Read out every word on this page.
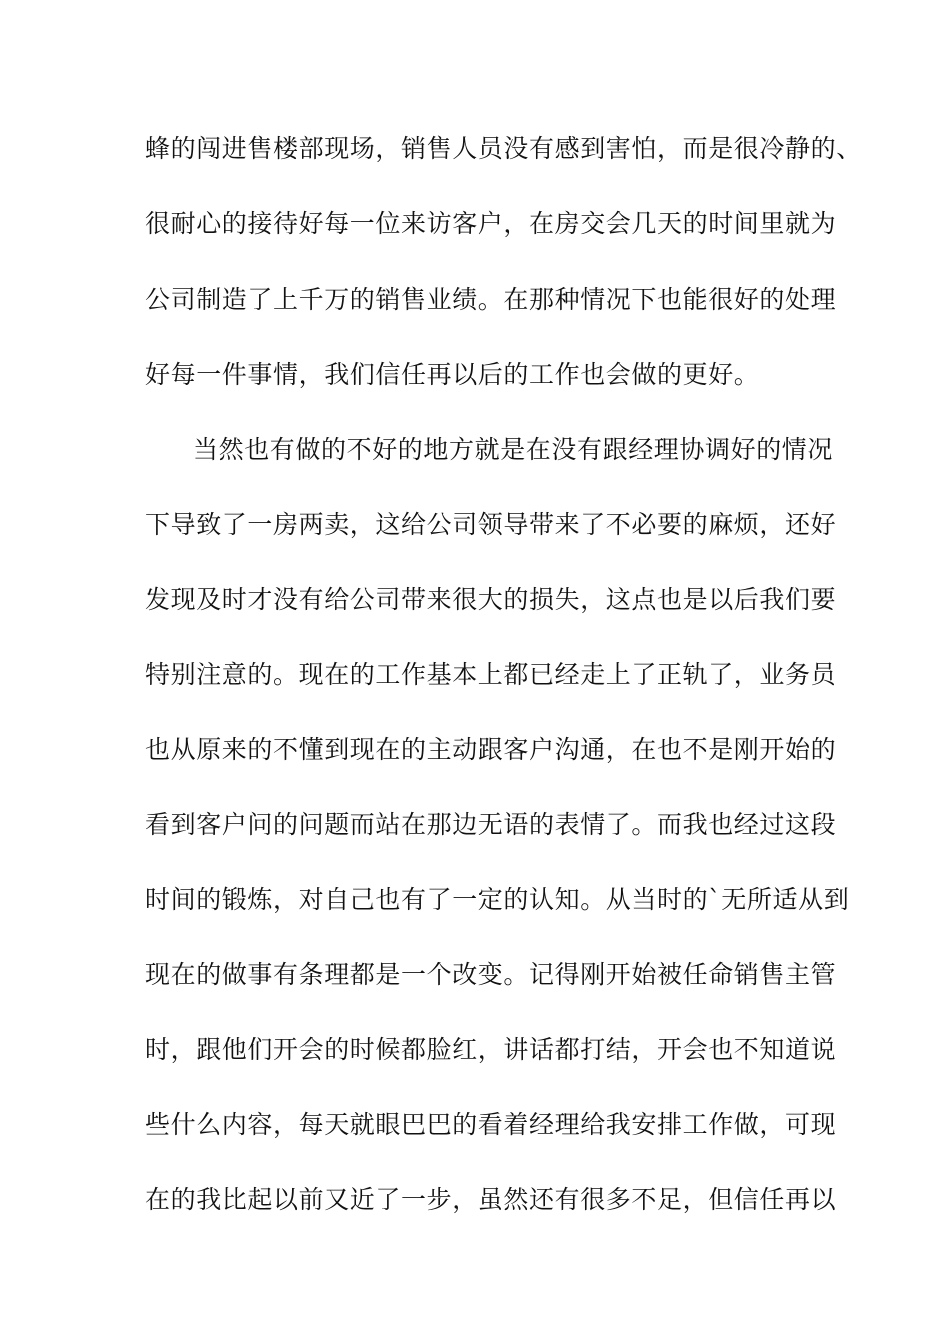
蜂的闯进售楼部现场，销售人员没有感到害怕，而是很冷静的、
很耐心的接待好每一位来访客户，在房交会几天的时间里就为
公司制造了上千万的销售业绩。在那种情况下也能很好的处理
好每一件事情，我们信任再以后的工作也会做的更好。
当然也有做的不好的地方就是在没有跟经理协调好的情况
下导致了一房两卖，这给公司领导带来了不必要的麻烦，还好
发现及时才没有给公司带来很大的损失，这点也是以后我们要
特别注意的。现在的工作基本上都已经走上了正轨了，业务员
也从原来的不懂到现在的主动跟客户沟通，在也不是刚开始的
看到客户问的问题而站在那边无语的表情了。而我也经过这段
时间的锻炼，对自己也有了一定的认知。从当时的`无所适从到
现在的做事有条理都是一个改变。记得刚开始被任命销售主管
时，跟他们开会的时候都脸红，讲话都打结，开会也不知道说
些什么内容，每天就眼巴巴的看着经理给我安排工作做，可现
在的我比起以前又近了一步，虽然还有很多不足，但信任再以
